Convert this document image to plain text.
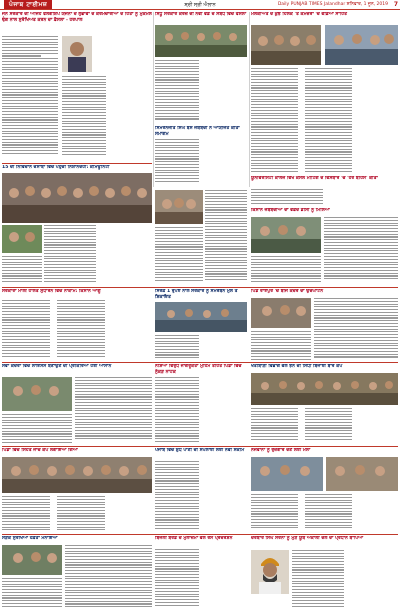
ਪੰਜਾਬ ਟਾਈਮਜ਼	ਸ਼੍ਰੀ ਸ੍ਰੀ ਐਲਾਨ	Daily PUNJAB TIMES Jalandhar ਸ਼ਨਿਵਾਰ, 1 ਜੂਨ, 2019 7
ਜਨ ਸਰਕਾਰ ਦੀ ਅਜਿਹ ਫਲੈਗਸ਼ਿਪ ਯੋਜਨਾ ਦੇ ਲੁਭਾਵਾਂ ਦੇ ਕਰਮਚਾਰੀਆਂ ਦੇ ਹਿੱਤਾਂ ਨੂੰ ਮੁਕੰਮਲ ਢੰਗ ਨਾਲ ਸੁਰੱਖਿਅਤ ਕਰਨ ਦਾ ਫ਼ੈਸਲਾ - ਹਰਪਾਲ

ਸਿੱਧੂ ਸਰਕਾਰ ਕਰਜ਼ੇ ਦੀ ਨਵੀਂ ਵੰਡ ਦੇ ਸਬੰਧ ਵਿੱਚ ਫੈਸਲਾ

ਸਿਮਰਨਜੀਤ ਸਿੰਘ ਬੈਂਸ ਜਥੇਬੰਦੀ ਨੇ ਆਯੋਜਿਤ ਕੀਤਾ ਸਮਾਗਮ

ਮਲਕੀਅਤ ਦੇ ਕੁਝ ਹਿਲੱਕ 'ਤੇ ਕਮਜ਼ੋਰਾਂ 'ਚ ਵੰਡਿਆ ਸਾਹਿਤ

ਯੂਨੀਵਰਸਿਟੀ ਕਾਲਜ ਵਿਖੇ ਕੌਂਸਲ ਮੀਟਿੰਗ ਦੇ ਵਿਸਥਾਰ 'ਚ 'ਹੋਰ ਬਹਿਸ' ਕੀਤਾ

15 ਦੀ ਨਿਵਿਦਾਨ ਦਸਾਂਬਾਂ ਵਿੱਚ ਪਹੁੰਚੀ ਨਿਸ਼ਾਨਦੇਹੀ: ਕਮਿਊਨਿਟੀ

ਕਿਸਾਨ ਜਥੇਬੰਦੀਆਂ ਦਾ ਵਫ਼ਦ ਡੀਸੀ ਨੂੰ ਮਿਲਿਆ
ਸਰਕਾਰਾਂ ਮਾਲੀ ਹਾਲਤ ਸੁਧਾਰਨ ਵਿਚ ਨਾਕਾਮ: ਕਿਸਾਨ ਆਗੂ

	ਸਿਰਫ਼ 1 ਰੁਪਏ ਨਾਲ ਸਰਕਾਰ ਨੂੰ ਸਮਰਥਨ ਮੁੱਲ ਤੇ ਸ਼ਿਕਾਇਤ

ਪਿੰਡ ਰਾਏਪੁਰ 'ਚ ਬੀਜ ਕੇਂਦਰ ਦਾ ਉਦਘਾਟਨ
ਸੇਵਾ ਕੇਂਦਰਾਂ ਵਿਚ ਲਾਇਸੈਂਸ ਬਣਾਉਣ ਦੀ ਪ੍ਰਕਿਰਿਆ ਹੋਈ ਆਸਾਨ	ਨਸ਼ਿਆਂ ਵਿਰੁੱਧ ਜਾਗਰੂਕਤਾ ਮੁਹਿੰਮ ਤਹਿਤ ਪਿੰਡਾਂ ਵਿੱਚ ਨੁੱਕੜ ਨਾਟਕ

ਖੇਤੀਬਾੜੀ ਵਿਭਾਗ ਵੱਲੋਂ ਝੋਨੇ ਦੀ ਸਿੱਧੀ ਬਿਜਾਈ ਬਾਰੇ ਕੈਂਪ

ਪਿੰਡਾਂ ਵਿੱਚ ਸਿਹਤ ਜਾਂਚ ਕੈਂਪ ਲਗਾਇਆ ਗਿਆ

	ਪੰਜਾਬ ਵਿਚ ਸ਼ੁੱਧ ਪਾਣੀ ਦੀ ਸਪਲਾਈ ਲਈ ਨਵੀਂ ਸਕੀਮ
	ਨੌਜਵਾਨਾਂ ਨੂੰ ਰੁਜ਼ਗਾਰ ਦੇਣ ਲਈ ਮੇਲਾ

ਸੜਕ ਸੁਰੱਖਿਆ ਹਫ਼ਤਾ ਮਨਾਇਆ	ਬਿਜਲੀ ਬੋਰਡ ਦੇ ਮੁਲਾਜ਼ਮਾਂ ਵੱਲੋਂ ਰੋਸ ਪ੍ਰਦਰਸ਼ਨ
	ਦਰਬਾਰ ਸਿੰਘ ਸਰਨਾ ਨੂੰ ਮੁੜ ਯੂਥ ਅਕਾਲੀ ਦਲ ਦਾ ਪ੍ਰਧਾਨ ਥਾਪਿਆ
